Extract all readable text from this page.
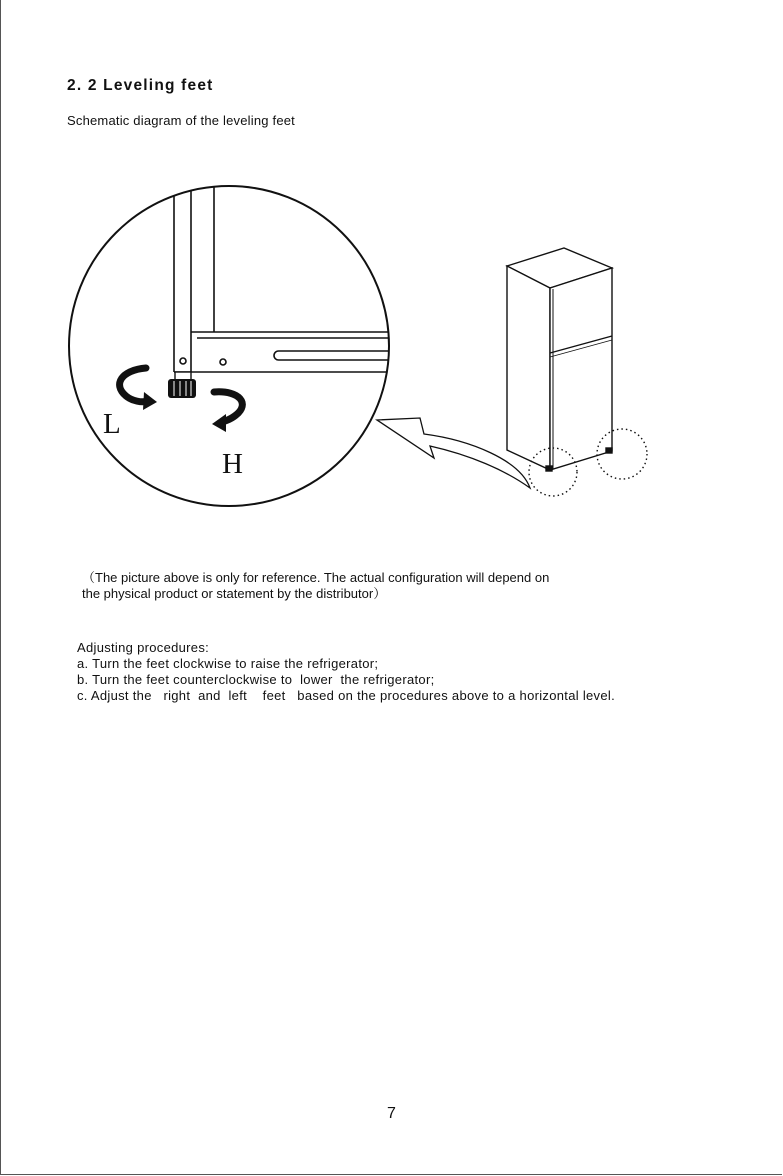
2. 2 Leveling feet

Schematic diagram of the leveling feet

L
H

（The picture above is only for reference. The actual configuration will depend on
the physical product or statement by the distributor）

Adjusting procedures:
a. Turn the feet clockwise to raise the refrigerator;
b. Turn the feet counterclockwise to  lower  the refrigerator;
c. Adjust the   right  and  left    feet   based on the procedures above to a horizontal level.
7
